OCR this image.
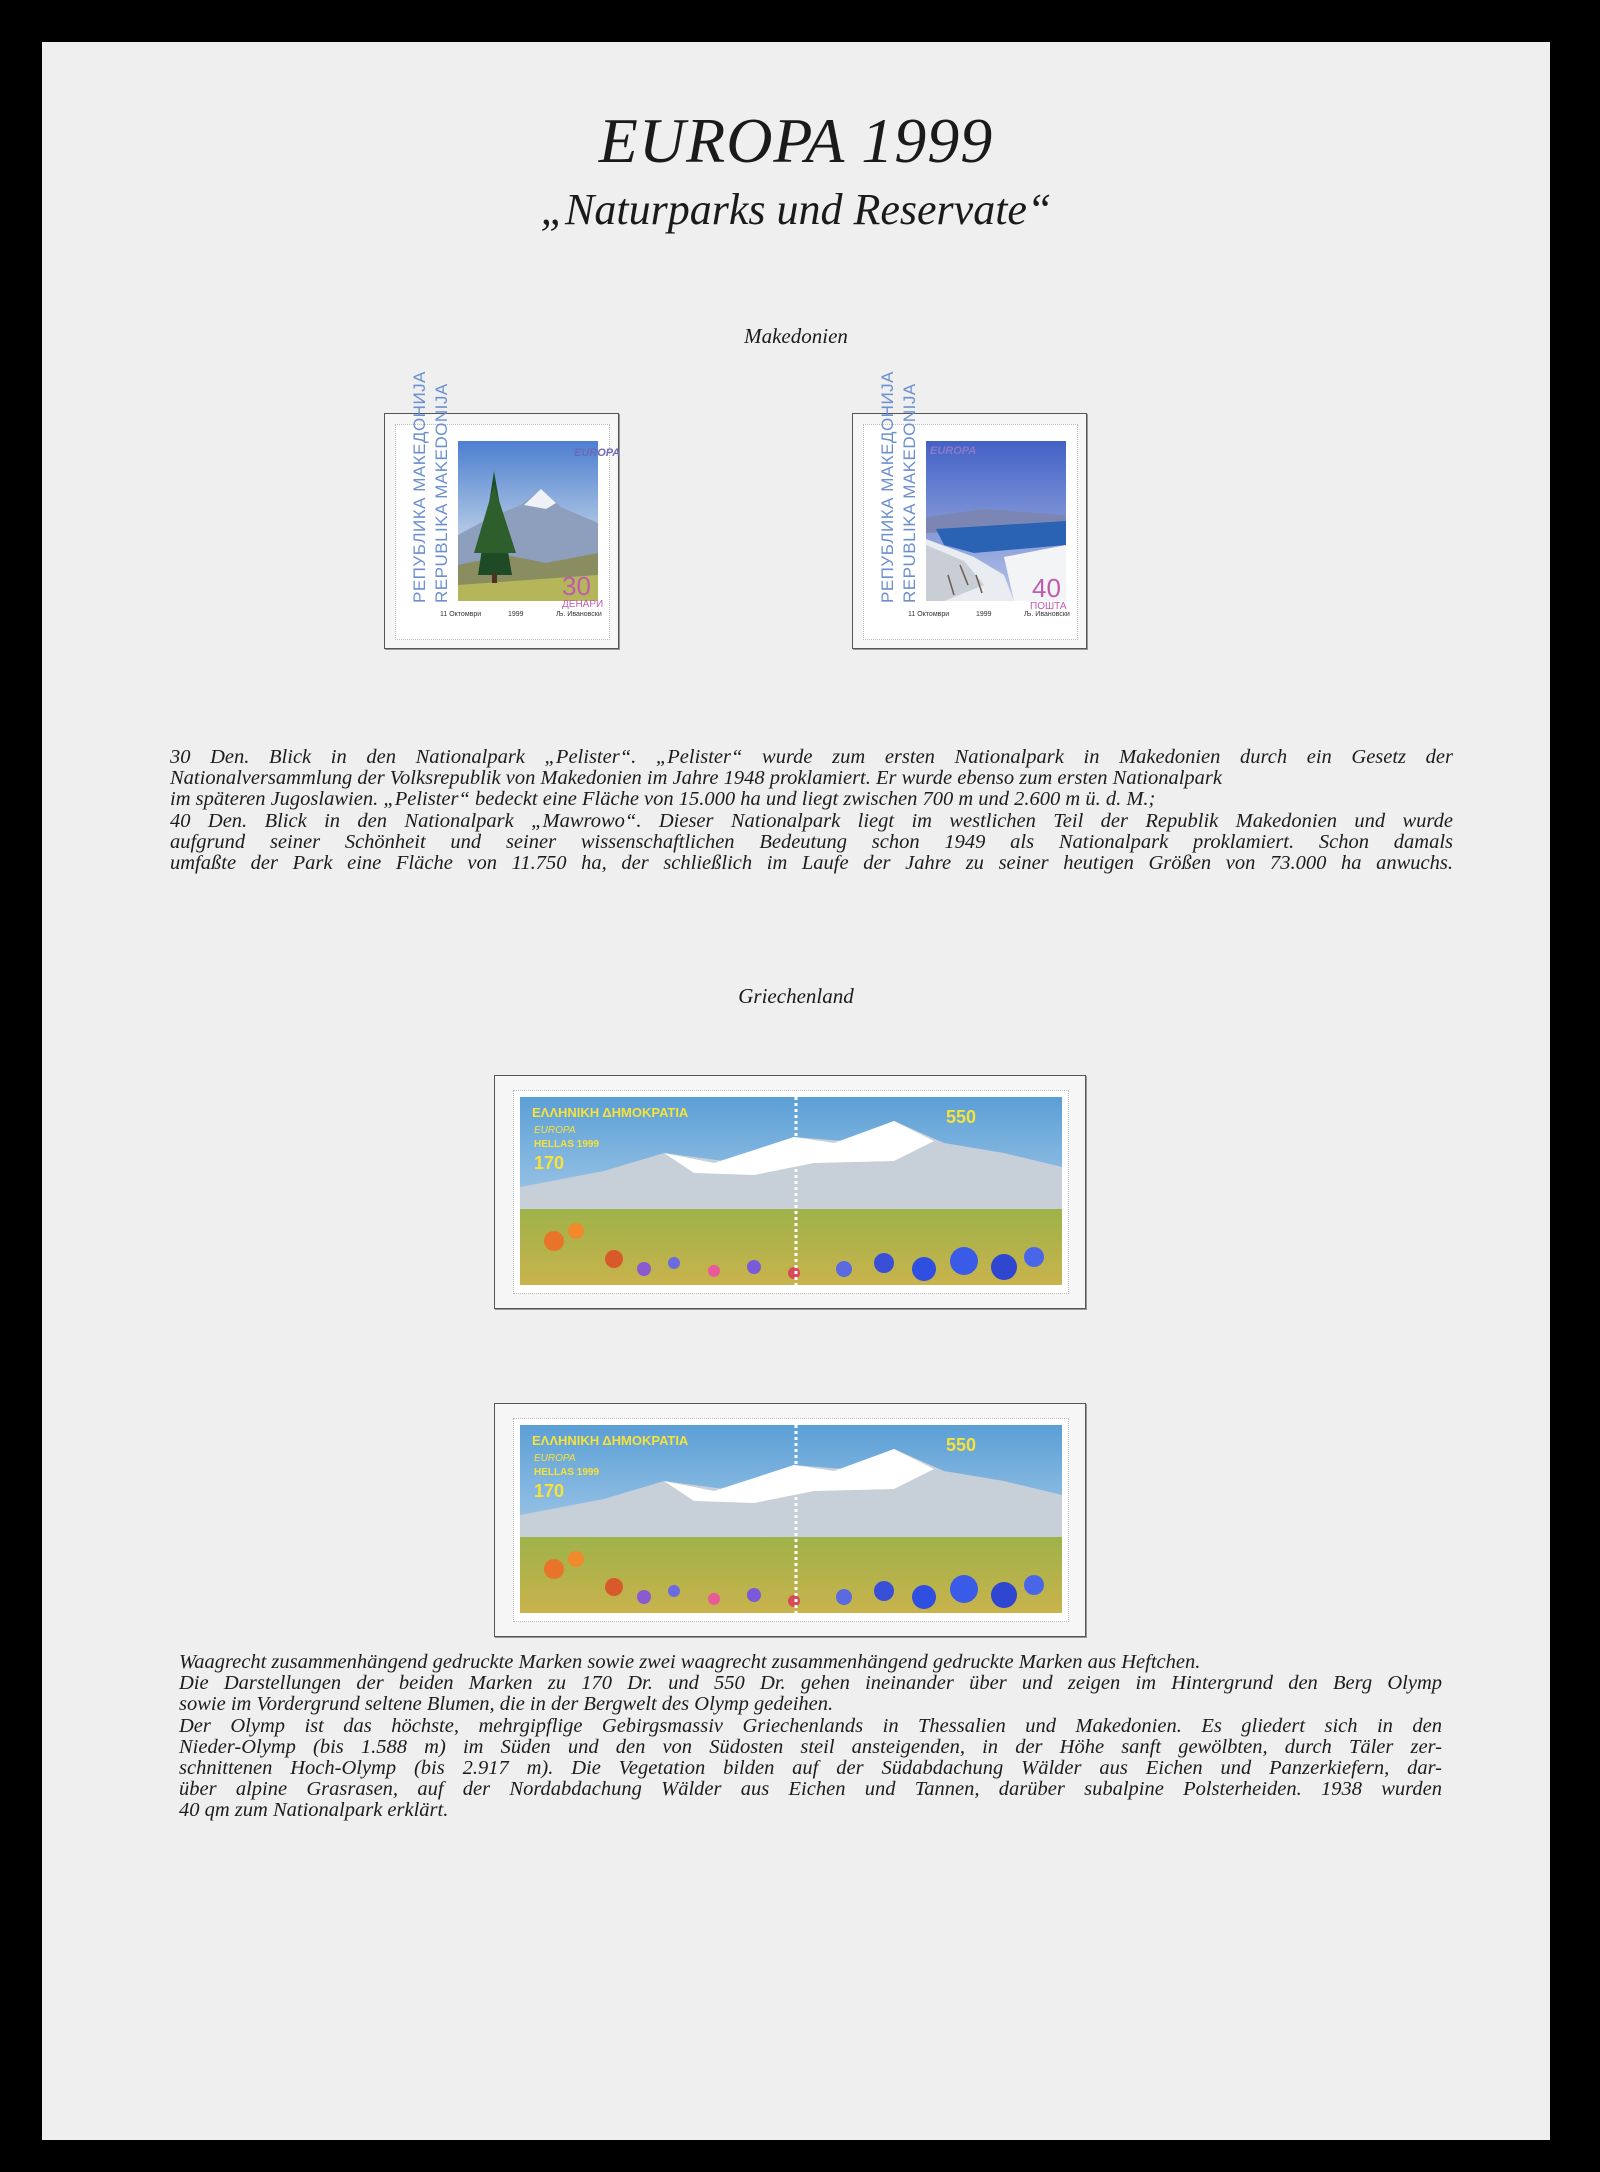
EUROPA 1999
„Naturparks und Reservate“
Makedonien
РЕПУБЛИКА МАКЕДОНИЈА REPUBLIKA MAKEDONIJA	EUROPA
30
ДЕНАРИ
11 Октомври	1999	Љ. Ивановски
РЕПУБЛИКА МАКЕДОНИЈА REPUBLIKA MAKEDONIJA EUROPA
40
ПОШТА
11 Октомври	1999	Љ. Ивановски
30 Den. Blick in den Nationalpark „Pelister“. „Pelister“ wurde zum ersten Nationalpark in Makedonien durch ein Gesetz der
Nationalversammlung der Volksrepublik von Makedonien im Jahre 1948 proklamiert. Er wurde ebenso zum ersten Nationalpark
im späteren Jugoslawien. „Pelister“ bedeckt eine Fläche von 15.000 ha und liegt zwischen 700 m und 2.600 m ü. d. M.;
40 Den. Blick in den Nationalpark „Mawrowo“. Dieser Nationalpark liegt im westlichen Teil der Republik Makedonien und wurde
aufgrund seiner Schönheit und seiner wissenschaftlichen Bedeutung schon 1949 als Nationalpark proklamiert. Schon damals
umfaßte der Park eine Fläche von 11.750 ha, der schließlich im Laufe der Jahre zu seiner heutigen Größen von 73.000 ha anwuchs.
Griechenland
ΕΛΛΗΝΙΚΗ ΔΗΜΟΚΡΑΤΙΑ
EUROPA
HELLAS 1999
170
550
ΕΛΛΗΝΙΚΗ ΔΗΜΟΚΡΑΤΙΑ
EUROPA
HELLAS 1999
170
550
Waagrecht zusammenhängend gedruckte Marken sowie zwei waagrecht zusammenhängend gedruckte Marken aus Heftchen.
Die Darstellungen der beiden Marken zu 170 Dr. und 550 Dr. gehen ineinander über und zeigen im Hintergrund den Berg Olymp
sowie im Vordergrund seltene Blumen, die in der Bergwelt des Olymp gedeihen.
Der Olymp ist das höchste, mehrgipflige Gebirgsmassiv Griechenlands in Thessalien und Makedonien. Es gliedert sich in den
Nieder-Olymp (bis 1.588 m) im Süden und den von Südosten steil ansteigenden, in der Höhe sanft gewölbten, durch Täler zer-
schnittenen Hoch-Olymp (bis 2.917 m). Die Vegetation bilden auf der Südabdachung Wälder aus Eichen und Panzerkiefern, dar-
über alpine Grasrasen, auf der Nordabdachung Wälder aus Eichen und Tannen, darüber subalpine Polsterheiden. 1938 wurden
40 qm zum Nationalpark erklärt.
